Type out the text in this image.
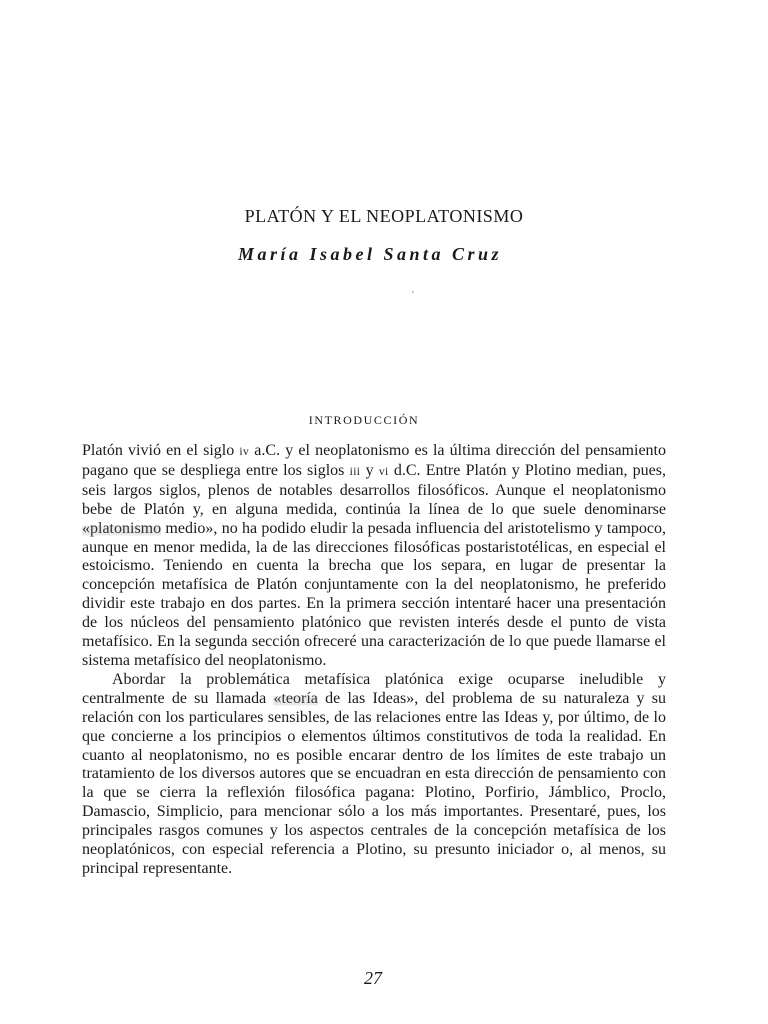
PLATÓN Y EL NEOPLATONISMO
María Isabel Santa Cruz
'
INTRODUCCIÓN

Platón vivió en el siglo iv a.C. y el neoplatonismo es la última dirección del pensamiento pagano que se despliega entre los siglos iii y vi d.C. Entre Platón y Plotino median, pues, seis largos siglos, plenos de notables desarrollos filosóficos. Aunque el neoplatonismo bebe de Platón y, en alguna medida, continúa la línea de lo que suele denominarse «platonismo medio», no ha podido eludir la pesada influencia del aristotelismo y tampoco, aunque en menor medida, la de las direcciones filosóficas postaristotélicas, en especial el estoicismo. Teniendo en cuenta la brecha que los separa, en lugar de presentar la concepción metafísica de Platón conjuntamente con la del neoplatonismo, he preferido dividir este trabajo en dos partes. En la primera sección intentaré hacer una presentación de los núcleos del pensamiento platónico que revisten interés desde el punto de vista metafísico. En la segunda sección ofreceré una caracterización de lo que puede llamarse el sistema metafísico del neoplatonismo.

Abordar la problemática metafísica platónica exige ocuparse ineludible y centralmente de su llamada «teoría de las Ideas», del problema de su naturaleza y su relación con los particulares sensibles, de las relaciones entre las Ideas y, por último, de lo que concierne a los principios o elementos últimos constitutivos de toda la realidad. En cuanto al neoplatonismo, no es posible encarar dentro de los límites de este trabajo un tratamiento de los diversos autores que se encuadran en esta dirección de pensamiento con la que se cierra la reflexión filosófica pagana: Plotino, Porfirio, Jámblico, Proclo, Damascio, Simplicio, para mencionar sólo a los más importantes. Presentaré, pues, los principales rasgos comunes y los aspectos centrales de la concepción metafísica de los neoplatónicos, con especial referencia a Plotino, su presunto iniciador o, al menos, su principal representante.

27
